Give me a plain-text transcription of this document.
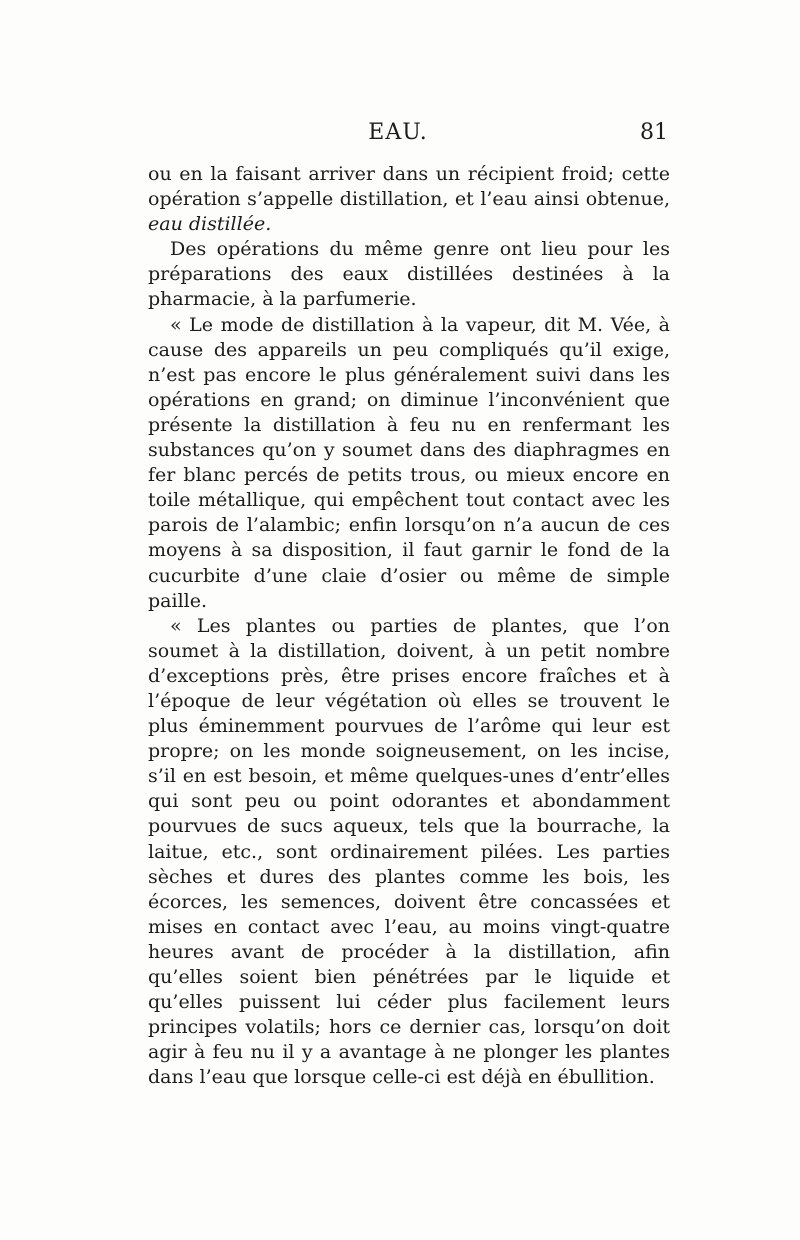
EAU.	81

ou en la faisant arriver dans un récipient froid; cette opération s’appelle distillation, et l’eau ainsi obtenue, eau distillée.

Des opérations du même genre ont lieu pour les préparations des eaux distillées destinées à la pharmacie, à la parfumerie.

« Le mode de distillation à la vapeur, dit M. Vée, à cause des appareils un peu compliqués qu’il exige, n’est pas encore le plus généralement suivi dans les opérations en grand; on diminue l’inconvénient que présente la distillation à feu nu en renfermant les substances qu’on y soumet dans des diaphragmes en fer blanc percés de petits trous, ou mieux encore en toile métallique, qui empêchent tout contact avec les parois de l’alambic; enfin lorsqu’on n’a aucun de ces moyens à sa disposition, il faut garnir le fond de la cucurbite d’une claie d’osier ou même de simple paille.

« Les plantes ou parties de plantes, que l’on soumet à la distillation, doivent, à un petit nombre d’exceptions près, être prises encore fraîches et à l’époque de leur végétation où elles se trouvent le plus éminemment pourvues de l’arôme qui leur est propre; on les monde soigneusement, on les incise, s’il en est besoin, et même quelques-unes d’entr’elles qui sont peu ou point odorantes et abondamment pourvues de sucs aqueux, tels que la bourrache, la laitue, etc., sont ordinairement pilées. Les parties sèches et dures des plantes comme les bois, les écorces, les semences, doivent être concassées et mises en contact avec l’eau, au moins vingt-quatre heures avant de procéder à la distillation, afin qu’elles soient bien pénétrées par le liquide et qu’elles puissent lui céder plus facilement leurs principes volatils; hors ce dernier cas, lorsqu’on doit agir à feu nu il y a avantage à ne plonger les plantes dans l’eau que lorsque celle-ci est déjà en ébullition.
